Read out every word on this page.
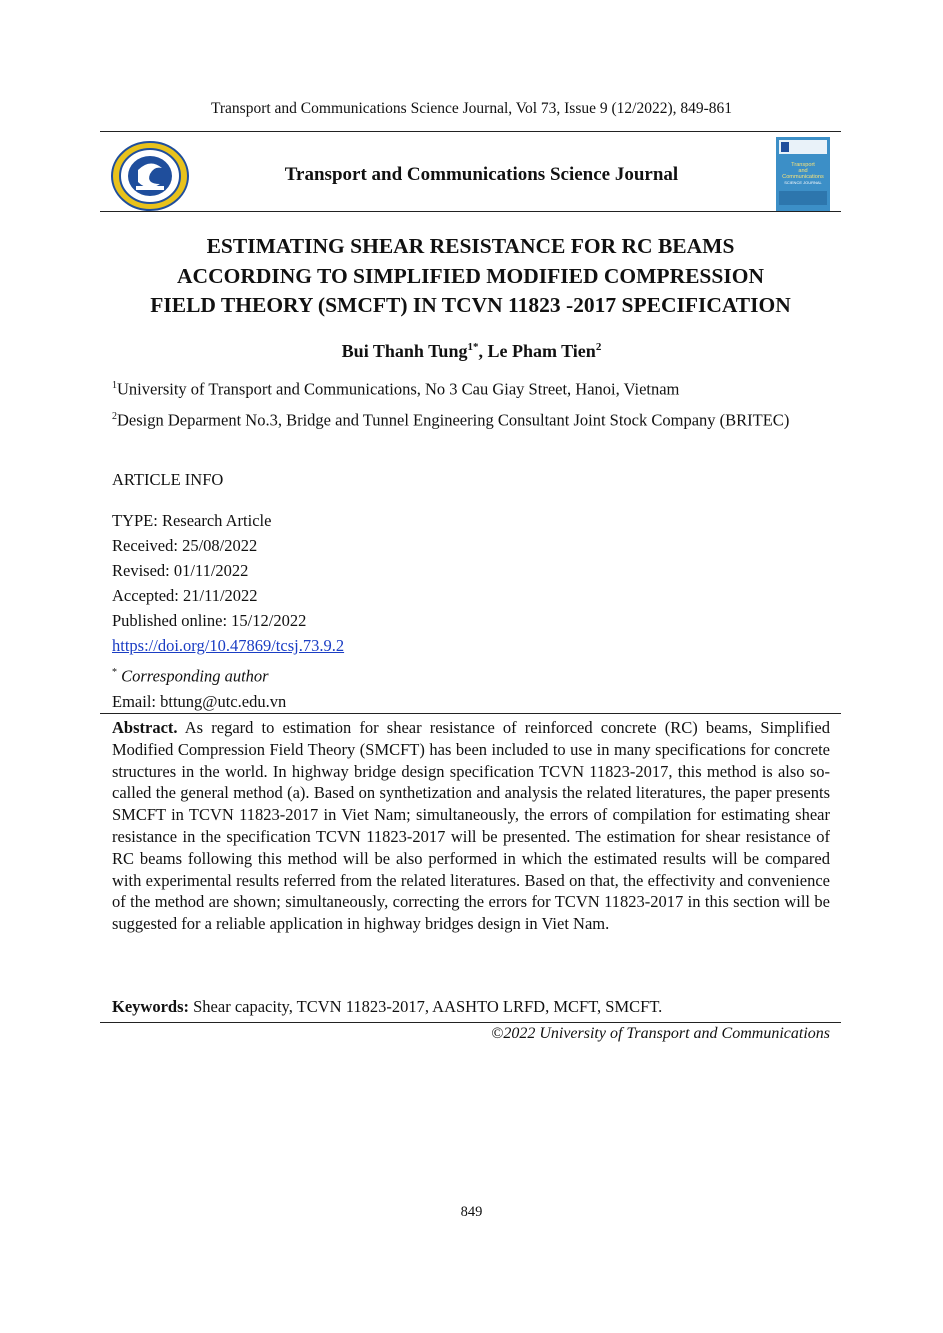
Transport and Communications Science Journal, Vol 73, Issue 9 (12/2022), 849-861
Transport and Communications Science Journal	Transport
and
Communications
SCIENCE JOURNAL
ESTIMATING SHEAR RESISTANCE FOR RC BEAMS
ACCORDING TO SIMPLIFIED MODIFIED COMPRESSION
FIELD THEORY (SMCFT) IN TCVN 11823 -2017 SPECIFICATION
Bui Thanh Tung$^{1*}$, Le Pham Tien$^2$
$^1$University of Transport and Communications, No 3 Cau Giay Street, Hanoi, Vietnam
$^2$Design Deparment No.3, Bridge and Tunnel Engineering Consultant Joint Stock Company (BRITEC)
ARTICLE INFO
TYPE: Research Article
Received: 25/08/2022
Revised: 01/11/2022
Accepted: 21/11/2022
Published online: 15/12/2022
https://doi.org/10.47869/tcsj.73.9.2
* Corresponding author
Email: bttung@utc.edu.vn
Abstract. As regard to estimation for shear resistance of reinforced concrete (RC) beams, Simplified Modified Compression Field Theory (SMCFT) has been included to use in many specifications for concrete structures in the world. In highway bridge design specification TCVN 11823-2017, this method is also so-called the general method (a). Based on synthetization and analysis the related literatures, the paper presents SMCFT in TCVN 11823-2017 in Viet Nam; simultaneously, the errors of compilation for estimating shear resistance in the specification TCVN 11823-2017 will be presented. The estimation for shear resistance of RC beams following this method will be also performed in which the estimated results will be compared with experimental results referred from the related literatures. Based on that, the effectivity and convenience of the method are shown; simultaneously, correcting the errors for TCVN 11823-2017 in this section will be suggested for a reliable application in highway bridges design in Viet Nam.
Keywords: Shear capacity, TCVN 11823-2017, AASHTO LRFD, MCFT, SMCFT.
©2022 University of Transport and Communications
849
